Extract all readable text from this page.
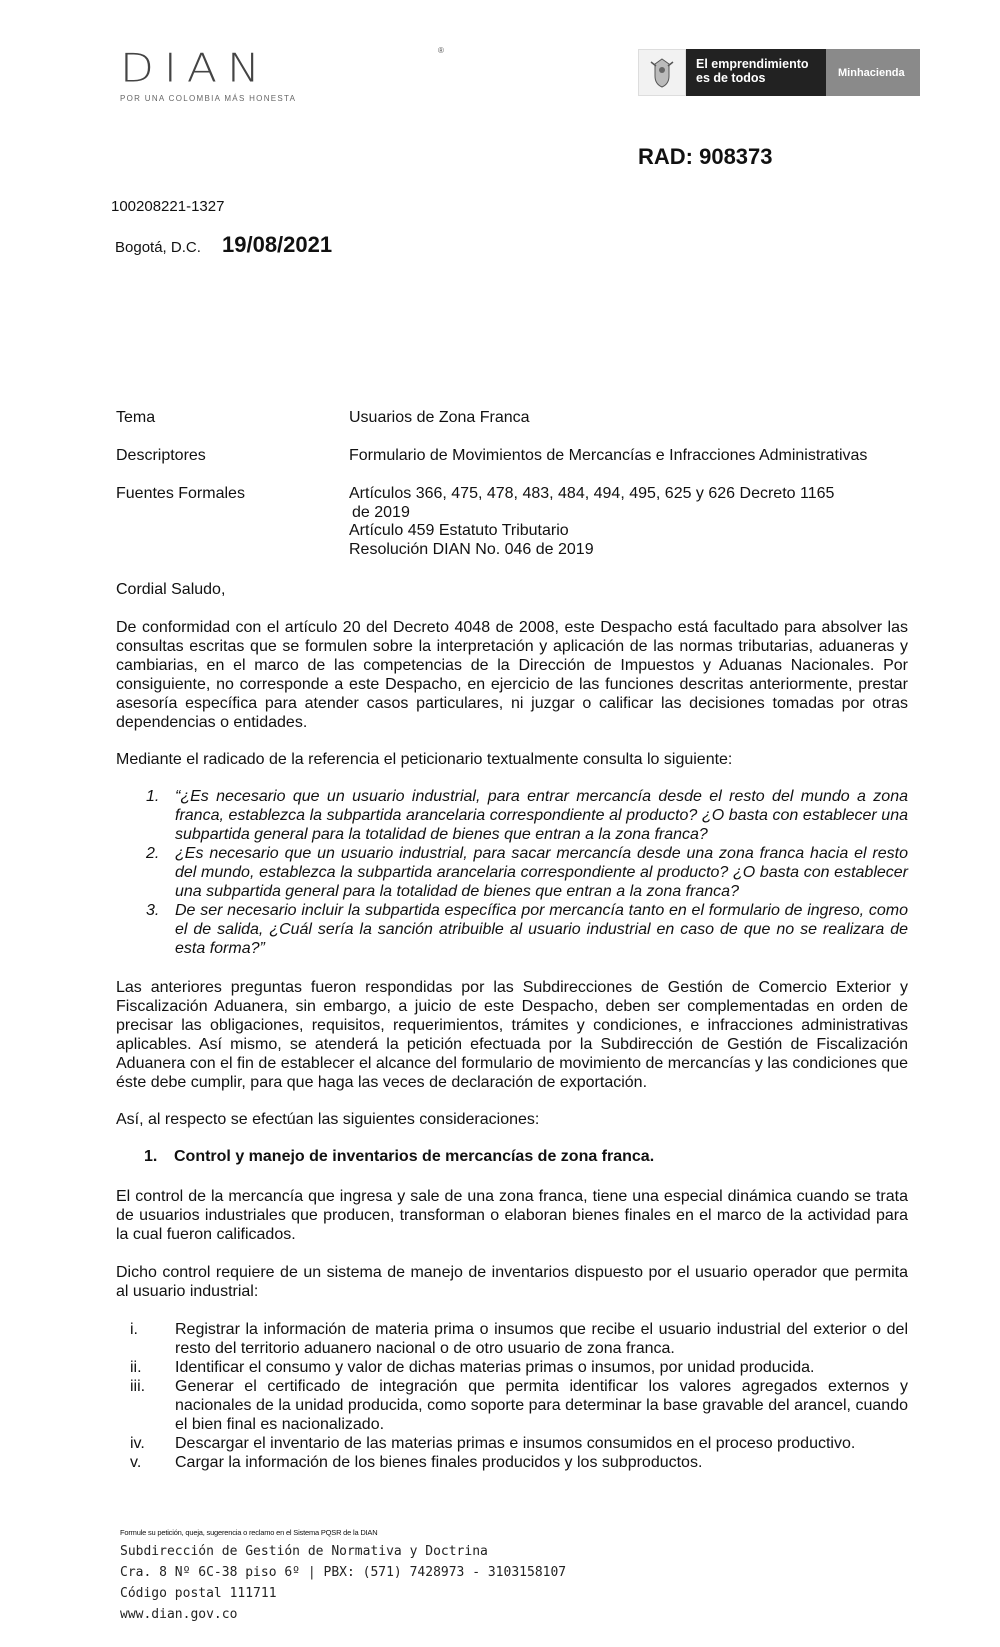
DIAN	®
POR UNA COLOMBIA MÁS HONESTA
El emprendimiento
es de todos	Minhacienda
RAD: 908373
100208221-1327
Bogotá, D.C. 19/08/2021
Tema	Usuarios de Zona Franca
Descriptores	Formulario de Movimientos de Mercancías e Infracciones Administrativas
Fuentes Formales	Artículos 366, 475, 478, 483, 484, 494, 495, 625 y 626 Decreto 1165
de 2019
Artículo 459 Estatuto Tributario
Resolución DIAN No. 046 de 2019
Cordial Saludo,
De conformidad con el artículo 20 del Decreto 4048 de 2008, este Despacho está facultado para absolver las consultas escritas que se formulen sobre la interpretación y aplicación de las normas tributarias, aduaneras y cambiarias, en el marco de las competencias de la Dirección de Impuestos y Aduanas Nacionales. Por consiguiente, no corresponde a este Despacho, en ejercicio de las funciones descritas anteriormente, prestar asesoría específica para atender casos particulares, ni juzgar o calificar las decisiones tomadas por otras dependencias o entidades.
Mediante el radicado de la referencia el peticionario textualmente consulta lo siguiente:
1. “¿Es necesario que un usuario industrial, para entrar mercancía desde el resto del mundo a zona franca, establezca la subpartida arancelaria correspondiente al producto? ¿O basta con establecer una subpartida general para la totalidad de bienes que entran a la zona franca?
2. ¿Es necesario que un usuario industrial, para sacar mercancía desde una zona franca hacia el resto del mundo, establezca la subpartida arancelaria correspondiente al producto? ¿O basta con establecer una subpartida general para la totalidad de bienes que entran a la zona franca?
3. De ser necesario incluir la subpartida específica por mercancía tanto en el formulario de ingreso, como el de salida, ¿Cuál sería la sanción atribuible al usuario industrial en caso de que no se realizara de esta forma?”
Las anteriores preguntas fueron respondidas por las Subdirecciones de Gestión de Comercio Exterior y Fiscalización Aduanera, sin embargo, a juicio de este Despacho, deben ser complementadas en orden de precisar las obligaciones, requisitos, requerimientos, trámites y condiciones, e infracciones administrativas aplicables. Así mismo, se atenderá la petición efectuada por la Subdirección de Gestión de Fiscalización Aduanera con el fin de establecer el alcance del formulario de movimiento de mercancías y las condiciones que éste debe cumplir, para que haga las veces de declaración de exportación.
Así, al respecto se efectúan las siguientes consideraciones:
1. Control y manejo de inventarios de mercancías de zona franca.
El control de la mercancía que ingresa y sale de una zona franca, tiene una especial dinámica cuando se trata de usuarios industriales que producen, transforman o elaboran bienes finales en el marco de la actividad para la cual fueron calificados.
Dicho control requiere de un sistema de manejo de inventarios dispuesto por el usuario operador que permita al usuario industrial:
i. Registrar la información de materia prima o insumos que recibe el usuario industrial del exterior o del resto del territorio aduanero nacional o de otro usuario de zona franca.
ii. Identificar el consumo y valor de dichas materias primas o insumos, por unidad producida.
iii. Generar el certificado de integración que permita identificar los valores agregados externos y nacionales de la unidad producida, como soporte para determinar la base gravable del arancel, cuando el bien final es nacionalizado.
iv. Descargar el inventario de las materias primas e insumos consumidos en el proceso productivo.
v. Cargar la información de los bienes finales producidos y los subproductos.
Formule su petición, queja, sugerencia o reclamo en el Sistema PQSR de la DIAN
Subdirección de Gestión de Normativa y Doctrina
Cra. 8 Nº 6C-38 piso 6º | PBX: (571) 7428973 - 3103158107
Código postal 111711
www.dian.gov.co
